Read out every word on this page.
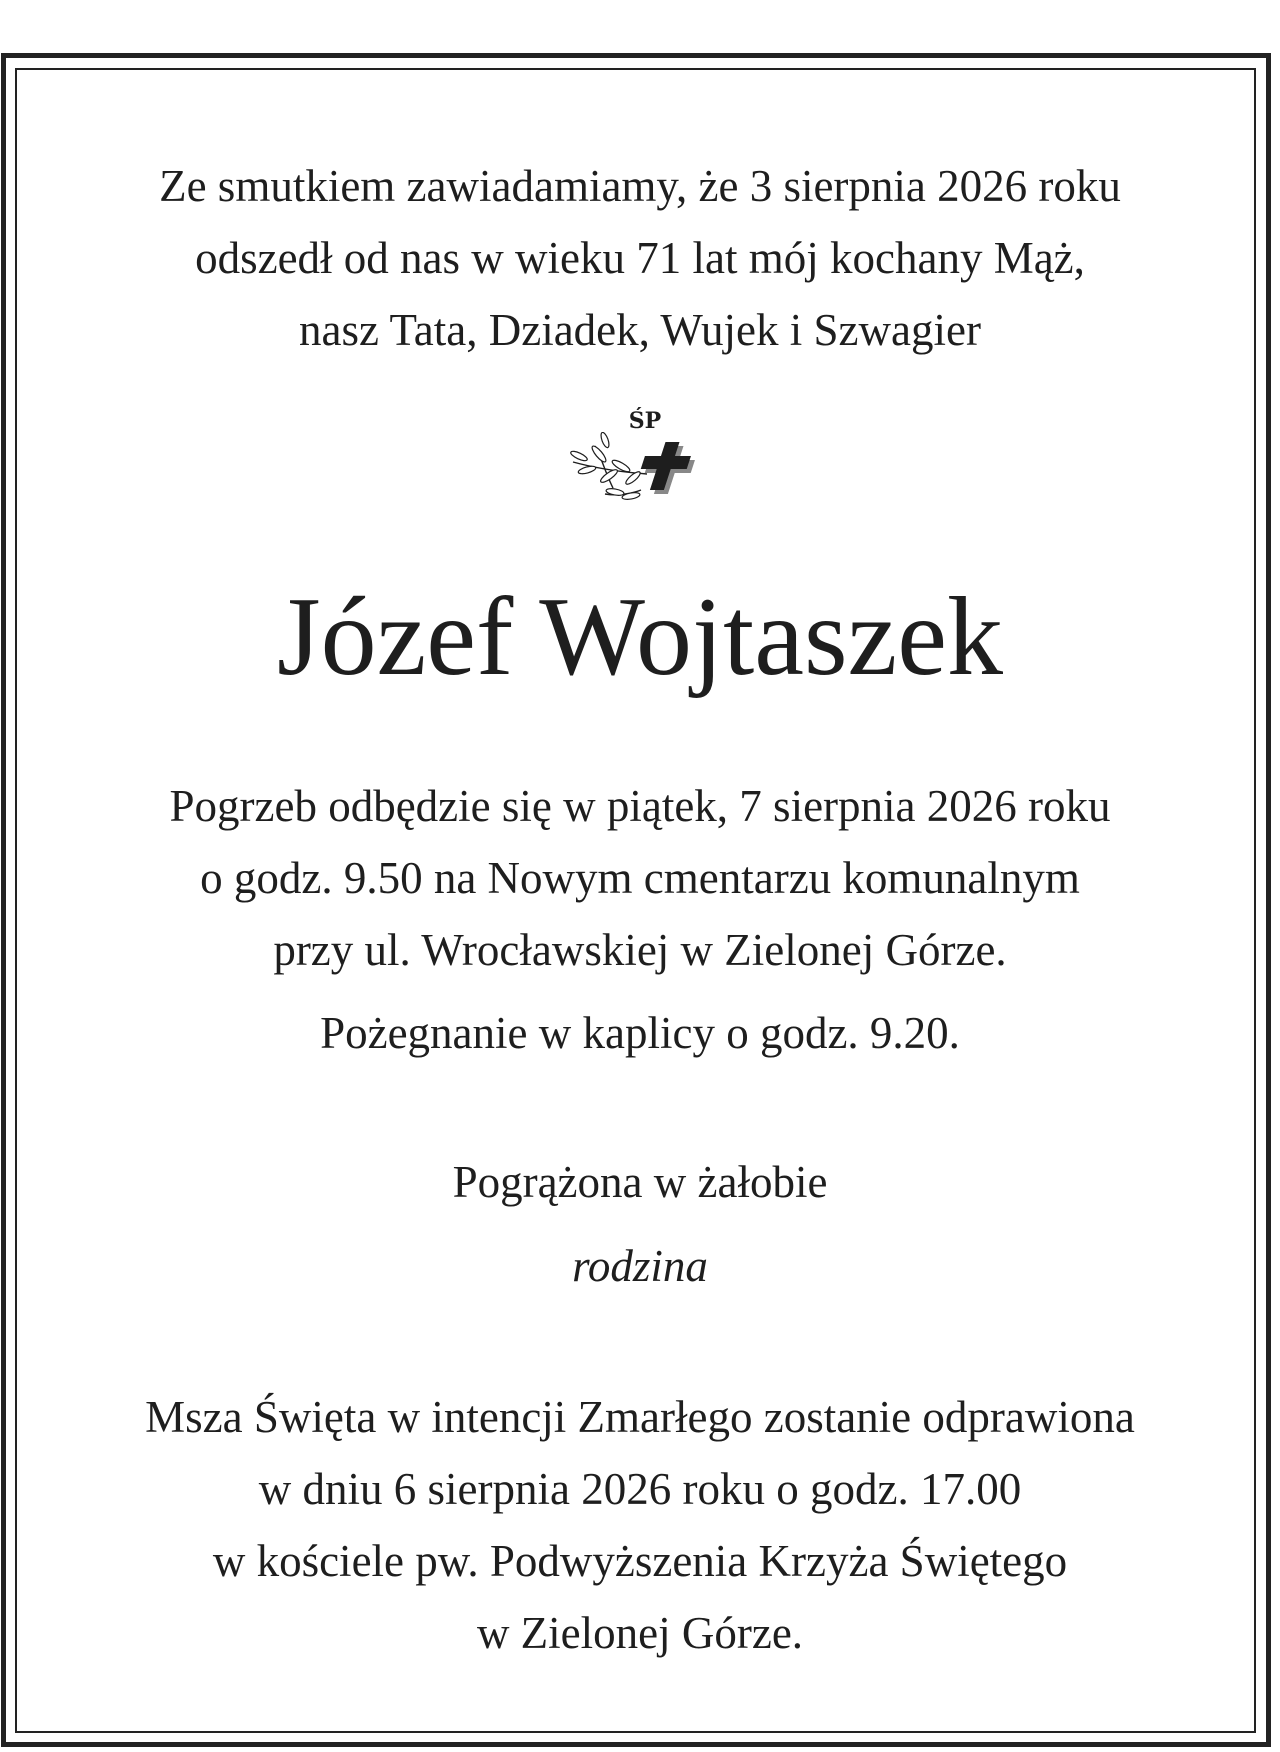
Ze smutkiem zawiadamiamy, że 3 sierpnia 2026 roku
odszedł od nas w wieku 71 lat mój kochany Mąż,
nasz Tata, Dziadek, Wujek i Szwagier
ŚP
Józef Wojtaszek
Pogrzeb odbędzie się w piątek, 7 sierpnia 2026 roku
o godz. 9.50 na Nowym cmentarzu komunalnym
przy ul. Wrocławskiej w Zielonej Górze.
Pożegnanie w kaplicy o godz. 9.20.
Pogrążona w żałobie
rodzina
Msza Święta w intencji Zmarłego zostanie odprawiona
w dniu 6 sierpnia 2026 roku o godz. 17.00
w kościele pw. Podwyższenia Krzyża Świętego
w Zielonej Górze.
